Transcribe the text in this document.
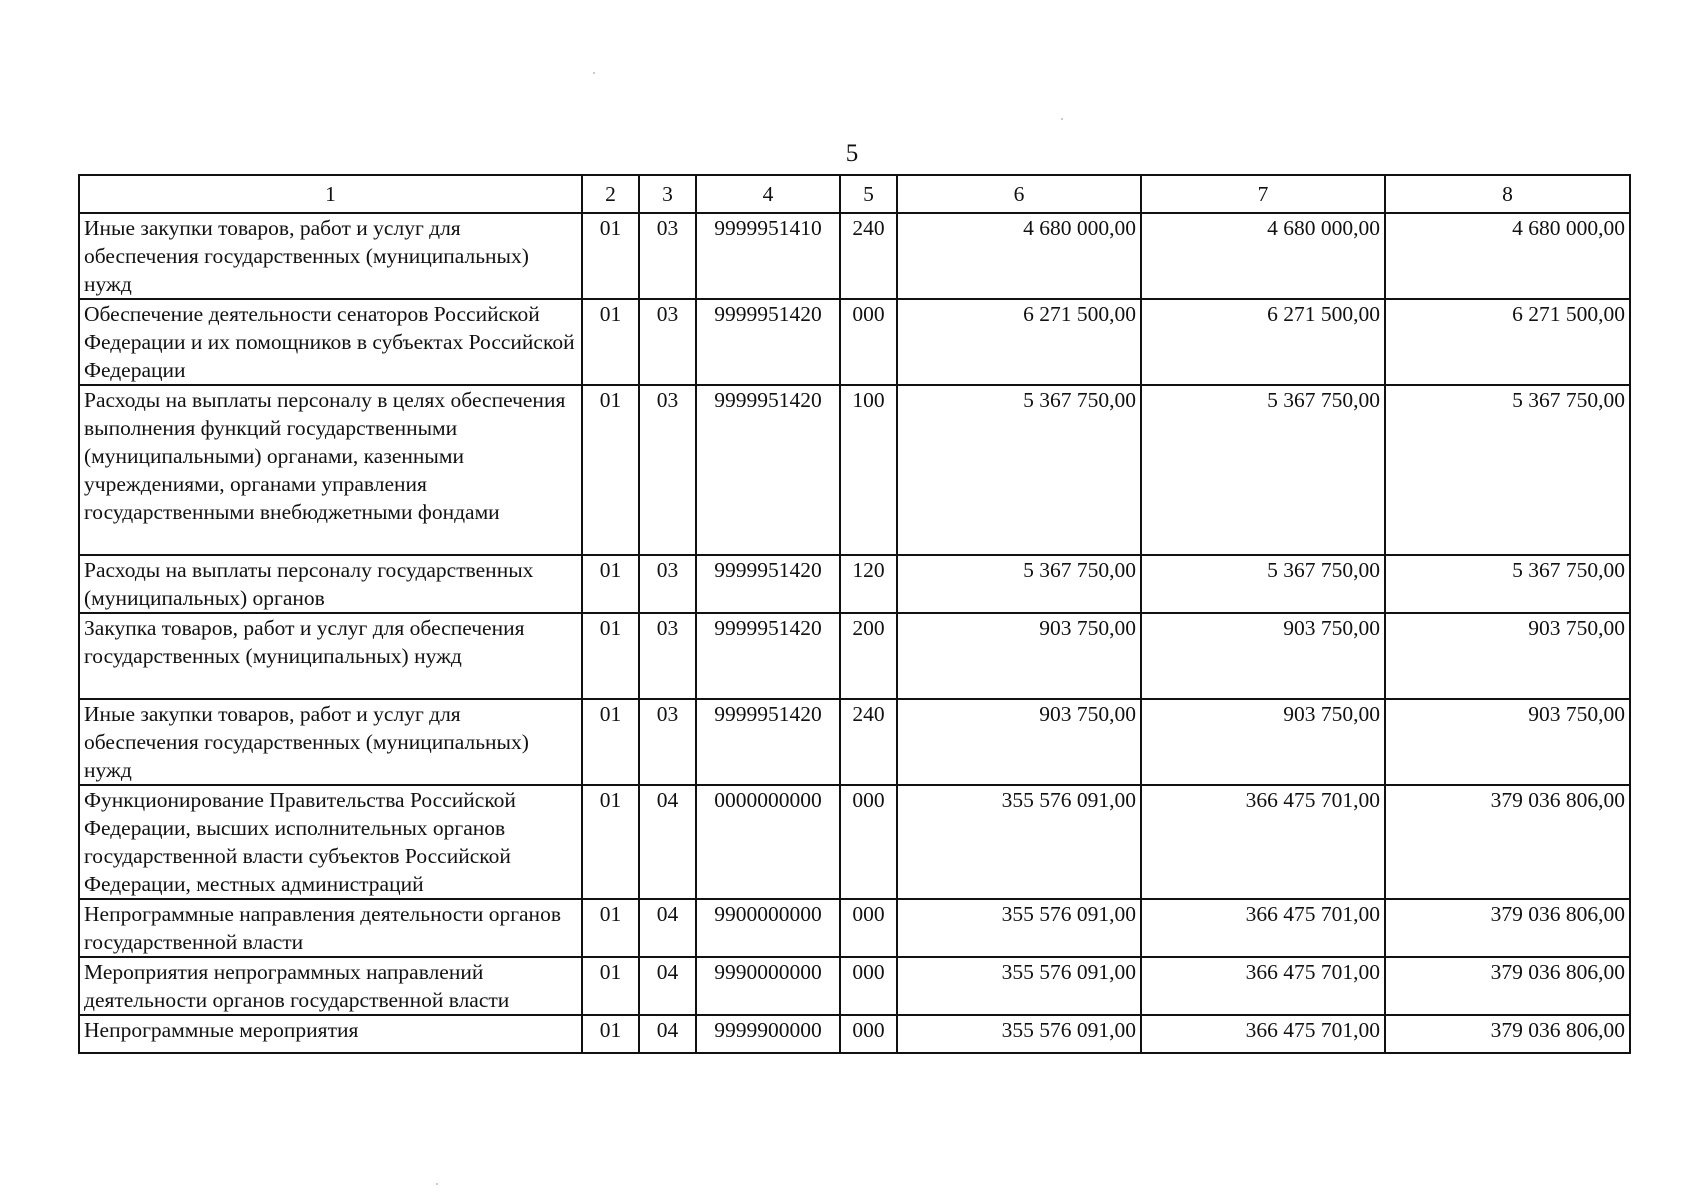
5
1	2	3	4	5	6	7	8
Иные закупки товаров, работ и услуг для обеспечения государственных (муниципальных) нужд	01	03	9999951410	240	4 680 000,00	4 680 000,00	4 680 000,00
Обеспечение деятельности сенаторов Российской Федерации и их помощников в субъектах Российской Федерации	01	03	9999951420	000	6 271 500,00	6 271 500,00	6 271 500,00
Расходы на выплаты персоналу в целях обеспечения выполнения функций государственными (муниципальными) органами, казенными учреждениями, органами управления государственными внебюджетными фондами	01	03	9999951420	100	5 367 750,00	5 367 750,00	5 367 750,00
Расходы на выплаты персоналу государственных (муниципальных) органов	01	03	9999951420	120	5 367 750,00	5 367 750,00	5 367 750,00
Закупка товаров, работ и услуг для обеспечения государственных (муниципальных) нужд	01	03	9999951420	200	903 750,00	903 750,00	903 750,00
Иные закупки товаров, работ и услуг для обеспечения государственных (муниципальных) нужд	01	03	9999951420	240	903 750,00	903 750,00	903 750,00
Функционирование Правительства Российской Федерации, высших исполнительных органов государственной власти субъектов Российской Федерации, местных администраций	01	04	0000000000	000	355 576 091,00	366 475 701,00	379 036 806,00
Непрограммные направления деятельности органов государственной власти	01	04	9900000000	000	355 576 091,00	366 475 701,00	379 036 806,00
Мероприятия непрограммных направлений деятельности органов государственной власти	01	04	9990000000	000	355 576 091,00	366 475 701,00	379 036 806,00
Непрограммные мероприятия	01	04	9999900000	000	355 576 091,00	366 475 701,00	379 036 806,00
